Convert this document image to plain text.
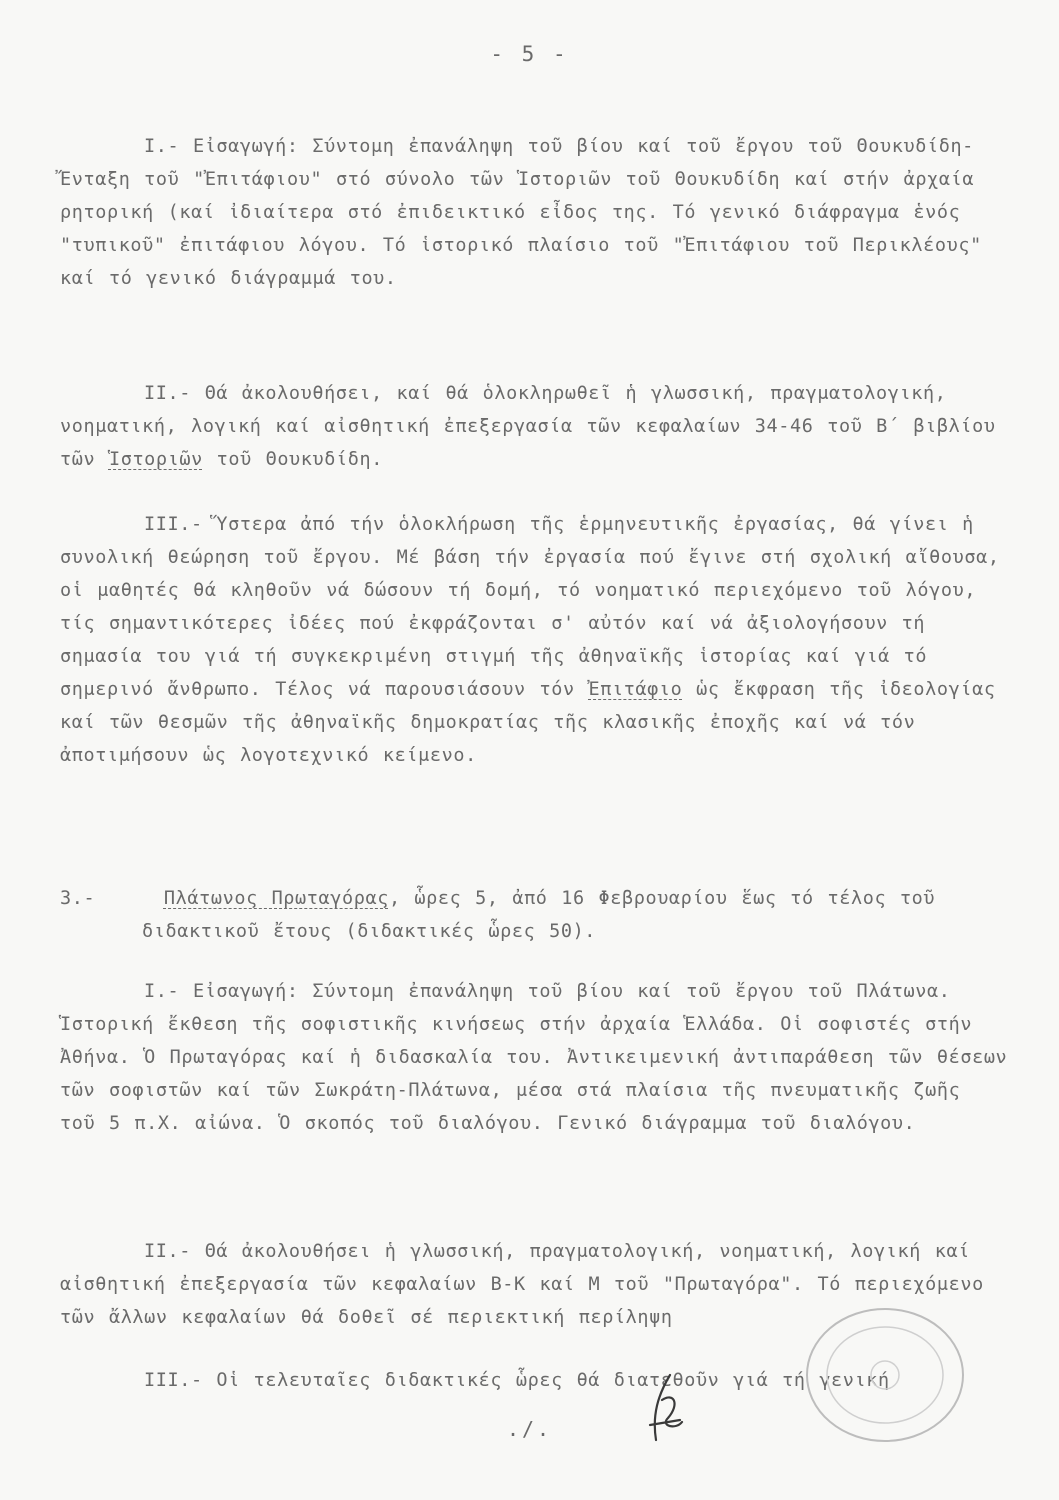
- 5 -

I.- Εἰσαγωγή: Σύντομη ἐπανάληψη τοῦ βίου καί τοῦ ἔργου τοῦ Θουκυδίδη-Ἔνταξη τοῦ "Ἐπιτάφιου" στό σύνολο τῶν Ἱστοριῶν τοῦ Θουκυδίδη καί στήν ἀρχαία ρητορική (καί ἰδιαίτερα στό ἐπιδεικτικό εἶδος της. Τό γενικό διάφραγμα ἑνός "τυπικοῦ" ἐπιτάφιου λόγου. Τό ἱστορικό πλαίσιο τοῦ "Ἐπιτάφιου τοῦ Περικλέους" καί τό γενικό διάγραμμά του.

II.- Θά ἀκολουθήσει, καί θά ὁλοκληρωθεῖ ἡ γλωσσική, πραγματολογική, νοηματική, λογική καί αἰσθητική ἐπεξεργασία τῶν κεφαλαίων 34-46 τοῦ Β΄ βιβλίου τῶν Ἱστοριῶν τοῦ Θουκυδίδη.

III.- Ὕστερα ἀπό τήν ὁλοκλήρωση τῆς ἑρμηνευτικῆς ἐργασίας, θά γίνει ἡ συνολική θεώρηση τοῦ ἔργου. Μέ βάση τήν ἐργασία πού ἔγινε στή σχολική αἴθουσα, οἱ μαθητές θά κληθοῦν νά δώσουν τή δομή, τό νοηματικό περιεχόμενο τοῦ λόγου, τίς σημαντικότερες ἰδέες πού ἐκφράζονται σ' αὐτόν καί νά ἀξιολογήσουν τή σημασία του γιά τή συγκεκριμένη στιγμή τῆς ἀθηναϊκῆς ἱστορίας καί γιά τό σημερινό ἄνθρωπο. Τέλος νά παρουσιάσουν τόν Ἐπιτάφιο ὡς ἔκφραση τῆς ἰδεολογίας καί τῶν θεσμῶν τῆς ἀθηναϊκῆς δημοκρατίας τῆς κλασικῆς ἐποχῆς καί νά τόν ἀποτιμήσουν ὡς λογοτεχνικό κείμενο.

3.-	Πλάτωνος Πρωταγόρας, ὧρες 5, ἀπό 16 Φεβρουαρίου ἕως τό τέλος τοῦ διδακτικοῦ ἔτους (διδακτικές ὧρες 50).

I.- Εἰσαγωγή: Σύντομη ἐπανάληψη τοῦ βίου καί τοῦ ἔργου τοῦ Πλάτωνα. Ἱστορική ἔκθεση τῆς σοφιστικῆς κινήσεως στήν ἀρχαία Ἑλλάδα. Οἱ σοφιστές στήν Ἀθήνα. Ὁ Πρωταγόρας καί ἡ διδασκαλία του. Ἀντικειμενική ἀντιπαράθεση τῶν θέσεων τῶν σοφιστῶν καί τῶν Σωκράτη-Πλάτωνα, μέσα στά πλαίσια τῆς πνευματικῆς ζωῆς τοῦ 5 π.Χ. αἰώνα. Ὁ σκοπός τοῦ διαλόγου. Γενικό διάγραμμα τοῦ διαλόγου.

II.- Θά ἀκολουθήσει ἡ γλωσσική, πραγματολογική, νοηματική, λογική καί αἰσθητική ἐπεξεργασία τῶν κεφαλαίων Β-Κ καί Μ τοῦ "Πρωταγόρα". Τό περιεχόμενο τῶν ἄλλων κεφαλαίων θά δοθεῖ σέ περιεκτική περίληψη

III.- Οἱ τελευταῖες διδακτικές ὧρες θά διατεθοῦν γιά τή γενική

./.
